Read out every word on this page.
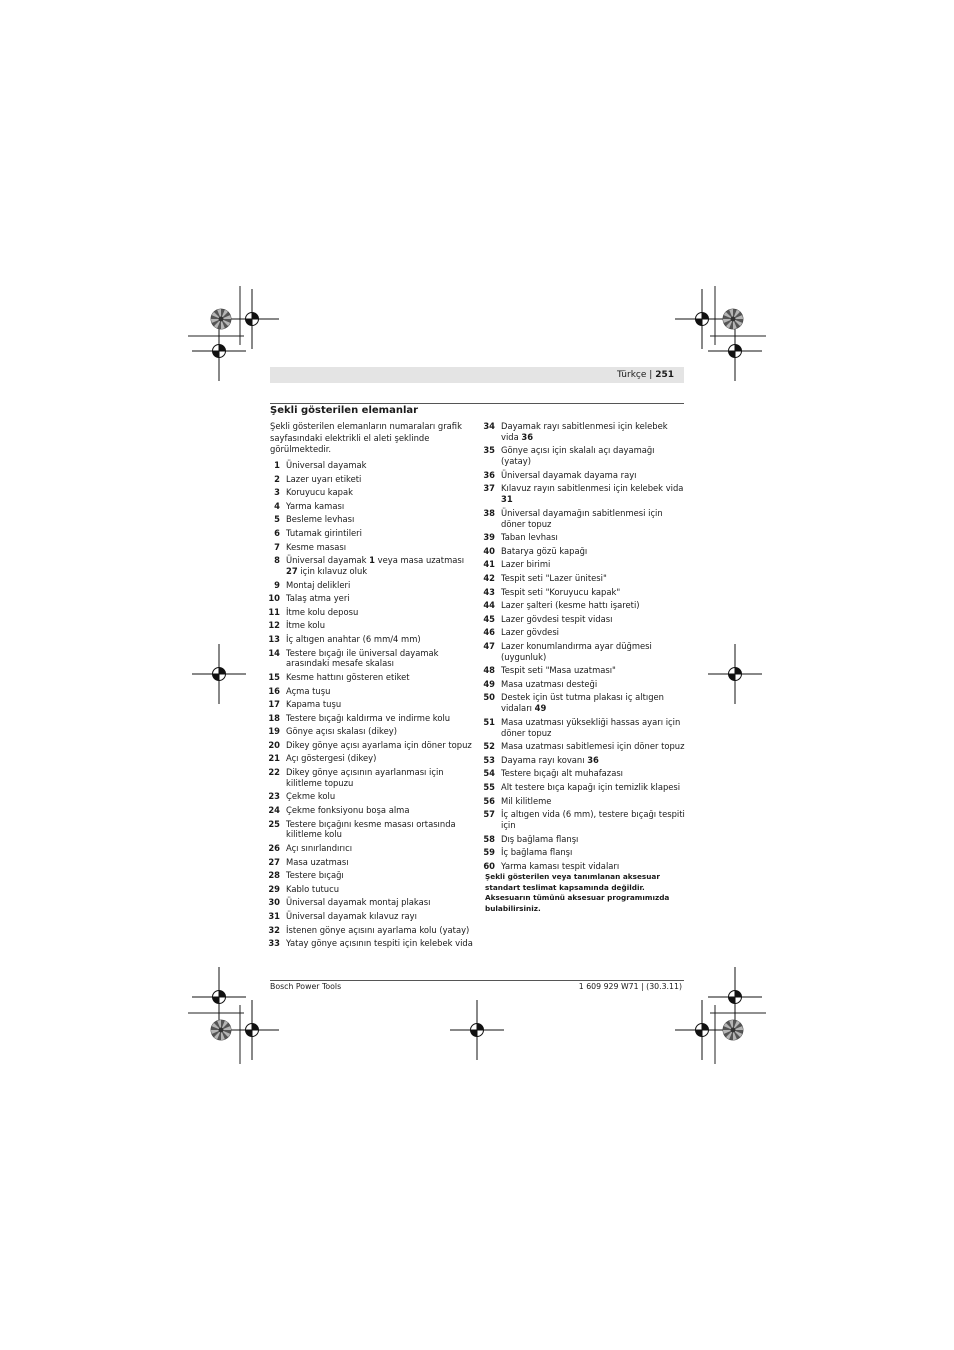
Türkçe | 251
Şekli gösterilen elemanlar
Şekli gösterilen elemanların numaraları grafik sayfasındaki elektrikli el aleti şeklinde görülmektedir.
1 Üniversal dayamak
2 Lazer uyarı etiketi
3 Koruyucu kapak
4 Yarma kaması
5 Besleme levhası
6 Tutamak girintileri
7 Kesme masası
8 Üniversal dayamak 1 veya masa uzatması 27 için kılavuz oluk
9 Montaj delikleri
10 Talaş atma yeri
11 İtme kolu deposu
12 İtme kolu
13 İç altıgen anahtar (6 mm/4 mm)
14 Testere bıçağı ile üniversal dayamak arasındaki mesafe skalası
15 Kesme hattını gösteren etiket
16 Açma tuşu
17 Kapama tuşu
18 Testere bıçağı kaldırma ve indirme kolu
19 Gönye açısı skalası (dikey)
20 Dikey gönye açısı ayarlama için döner topuz
21 Açı göstergesi (dikey)
22 Dikey gönye açısının ayarlanması için kilitleme topuzu
23 Çekme kolu
24 Çekme fonksiyonu boşa alma
25 Testere bıçağını kesme masası ortasında kilitleme kolu
26 Açı sınırlandırıcı
27 Masa uzatması
28 Testere bıçağı
29 Kablo tutucu
30 Üniversal dayamak montaj plakası
31 Üniversal dayamak kılavuz rayı
32 İstenen gönye açısını ayarlama kolu (yatay)
33 Yatay gönye açısının tespiti için kelebek vida
34 Dayamak rayı sabitlenmesi için kelebek vida 36
35 Gönye açısı için skalalı açı dayamağı (yatay)
36 Üniversal dayamak dayama rayı
37 Kılavuz rayın sabitlenmesi için kelebek vida 31
38 Üniversal dayamağın sabitlenmesi için döner topuz
39 Taban levhası
40 Batarya gözü kapağı
41 Lazer birimi
42 Tespit seti "Lazer ünitesi"
43 Tespit seti "Koruyucu kapak"
44 Lazer şalteri (kesme hattı işareti)
45 Lazer gövdesi tespit vidası
46 Lazer gövdesi
47 Lazer konumlandırma ayar düğmesi (uygunluk)
48 Tespit seti "Masa uzatması"
49 Masa uzatması desteği
50 Destek için üst tutma plakası iç altıgen vidaları 49
51 Masa uzatması yüksekliği hassas ayarı için döner topuz
52 Masa uzatması sabitlemesi için döner topuz
53 Dayama rayı kovanı 36
54 Testere bıçağı alt muhafazası
55 Alt testere bıça kapağı için temizlik klapesi
56 Mil kilitleme
57 İç altıgen vida (6 mm), testere bıçağı tespiti için
58 Dış bağlama flanşı
59 İç bağlama flanşı
60 Yarma kaması tespit vidaları
Şekli gösterilen veya tanımlanan aksesuar standart teslimat kapsamında değildir. Aksesuarın tümünü aksesuar programımızda bulabilirsiniz.
Bosch Power Tools	1 609 929 W71 | (30.3.11)
